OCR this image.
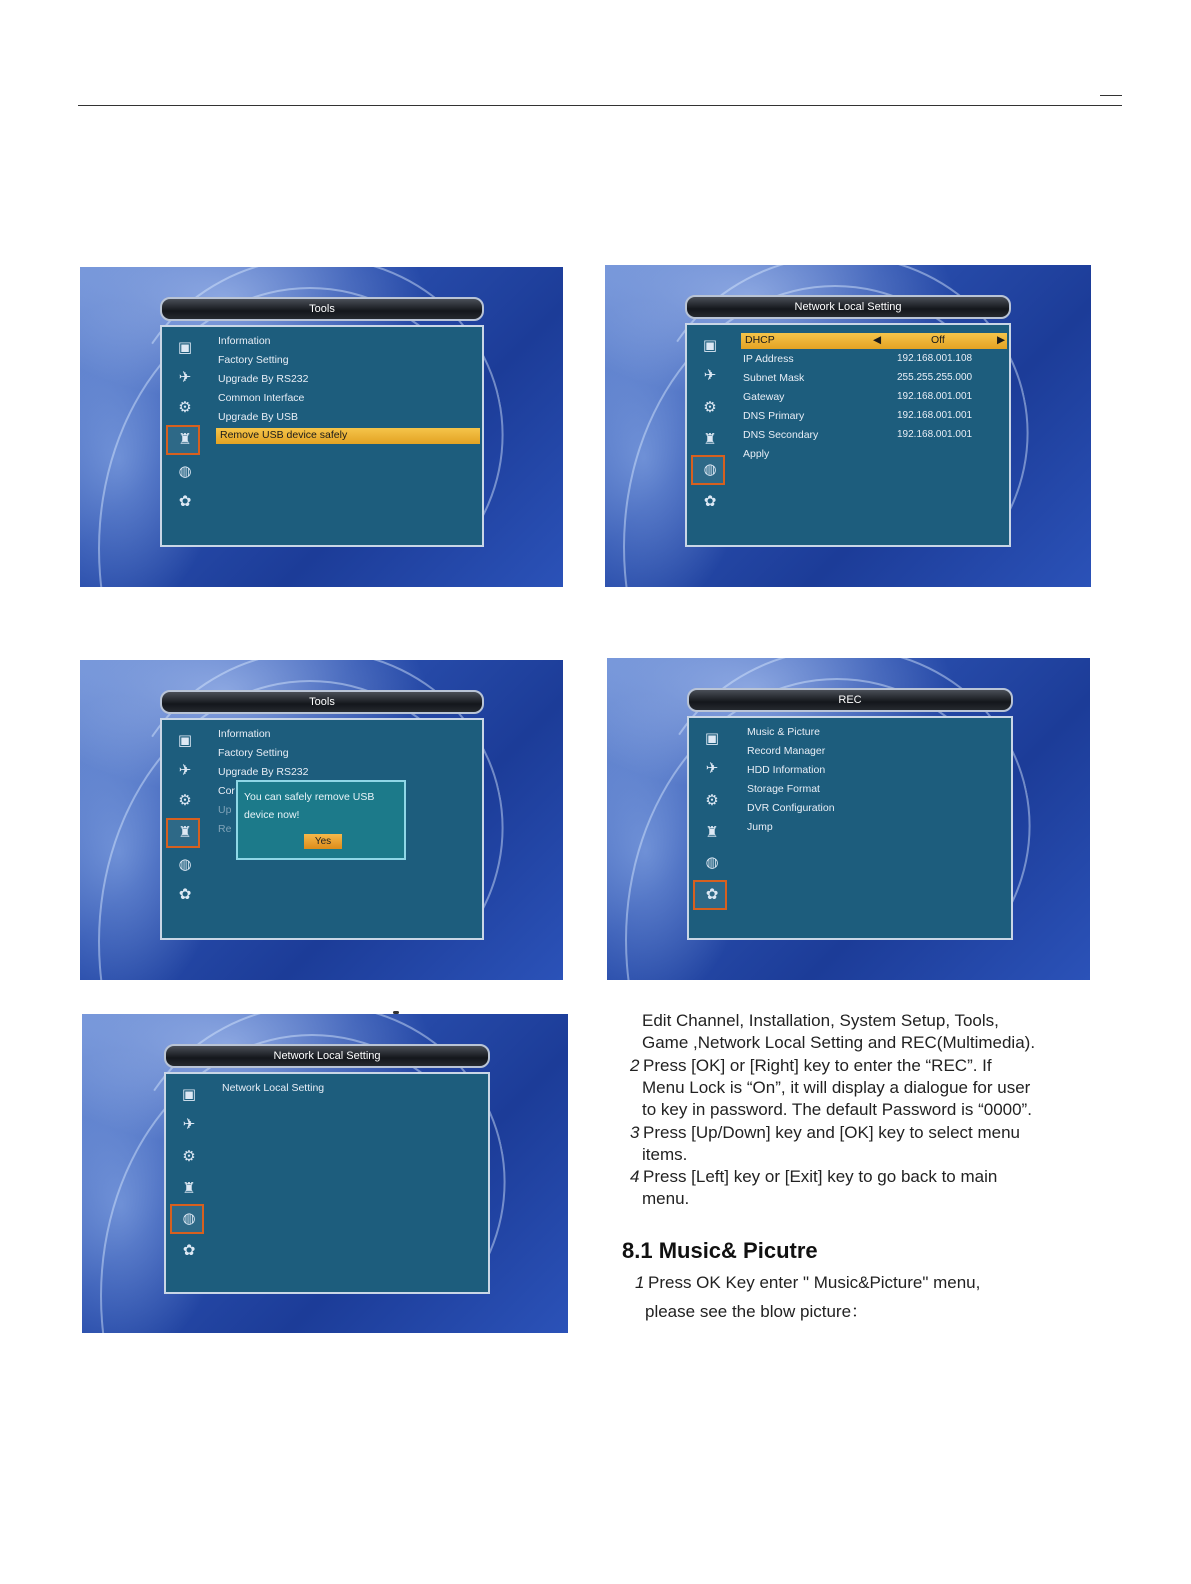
Tools
▣
✈
⚙
♜
◍
✿
Information
Factory Setting
Upgrade By RS232
Common Interface
Upgrade By USB
Remove USB device safely
Network Local Setting
▣
✈
⚙
♜
◍
✿
DHCP	◀	Off	▶
IP Address	192.168.001.108
Subnet Mask	255.255.255.000
Gateway	192.168.001.001
DNS Primary	192.168.001.001
DNS Secondary	192.168.001.001
Apply
Tools
▣
✈
⚙
♜
◍
✿
Information
Factory Setting
Upgrade By RS232
Cor
Up
Re
You can safely remove USB
device now!
Yes
REC
▣
✈
⚙
♜
◍
✿
Music & Picture
Record Manager
HDD Information
Storage Format
DVR Configuration
Jump
Network Local Setting
▣
✈
⚙
♜
◍
✿
Network Local Setting
Edit Channel, Installation, System Setup, Tools,
Game ,Network Local Setting and REC(Multimedia).
2 Press [OK] or [Right] key to enter the “REC”. If
Menu Lock is “On”, it will display a dialogue for user
to key in password. The default Password is “0000”.
3 Press [Up/Down] key and [OK] key to select menu
items.
4 Press [Left] key or [Exit] key to go back to main
menu.
8.1 Music& Picutre
1 Press OK Key enter " Music&Picture" menu,
please see the blow picture：
